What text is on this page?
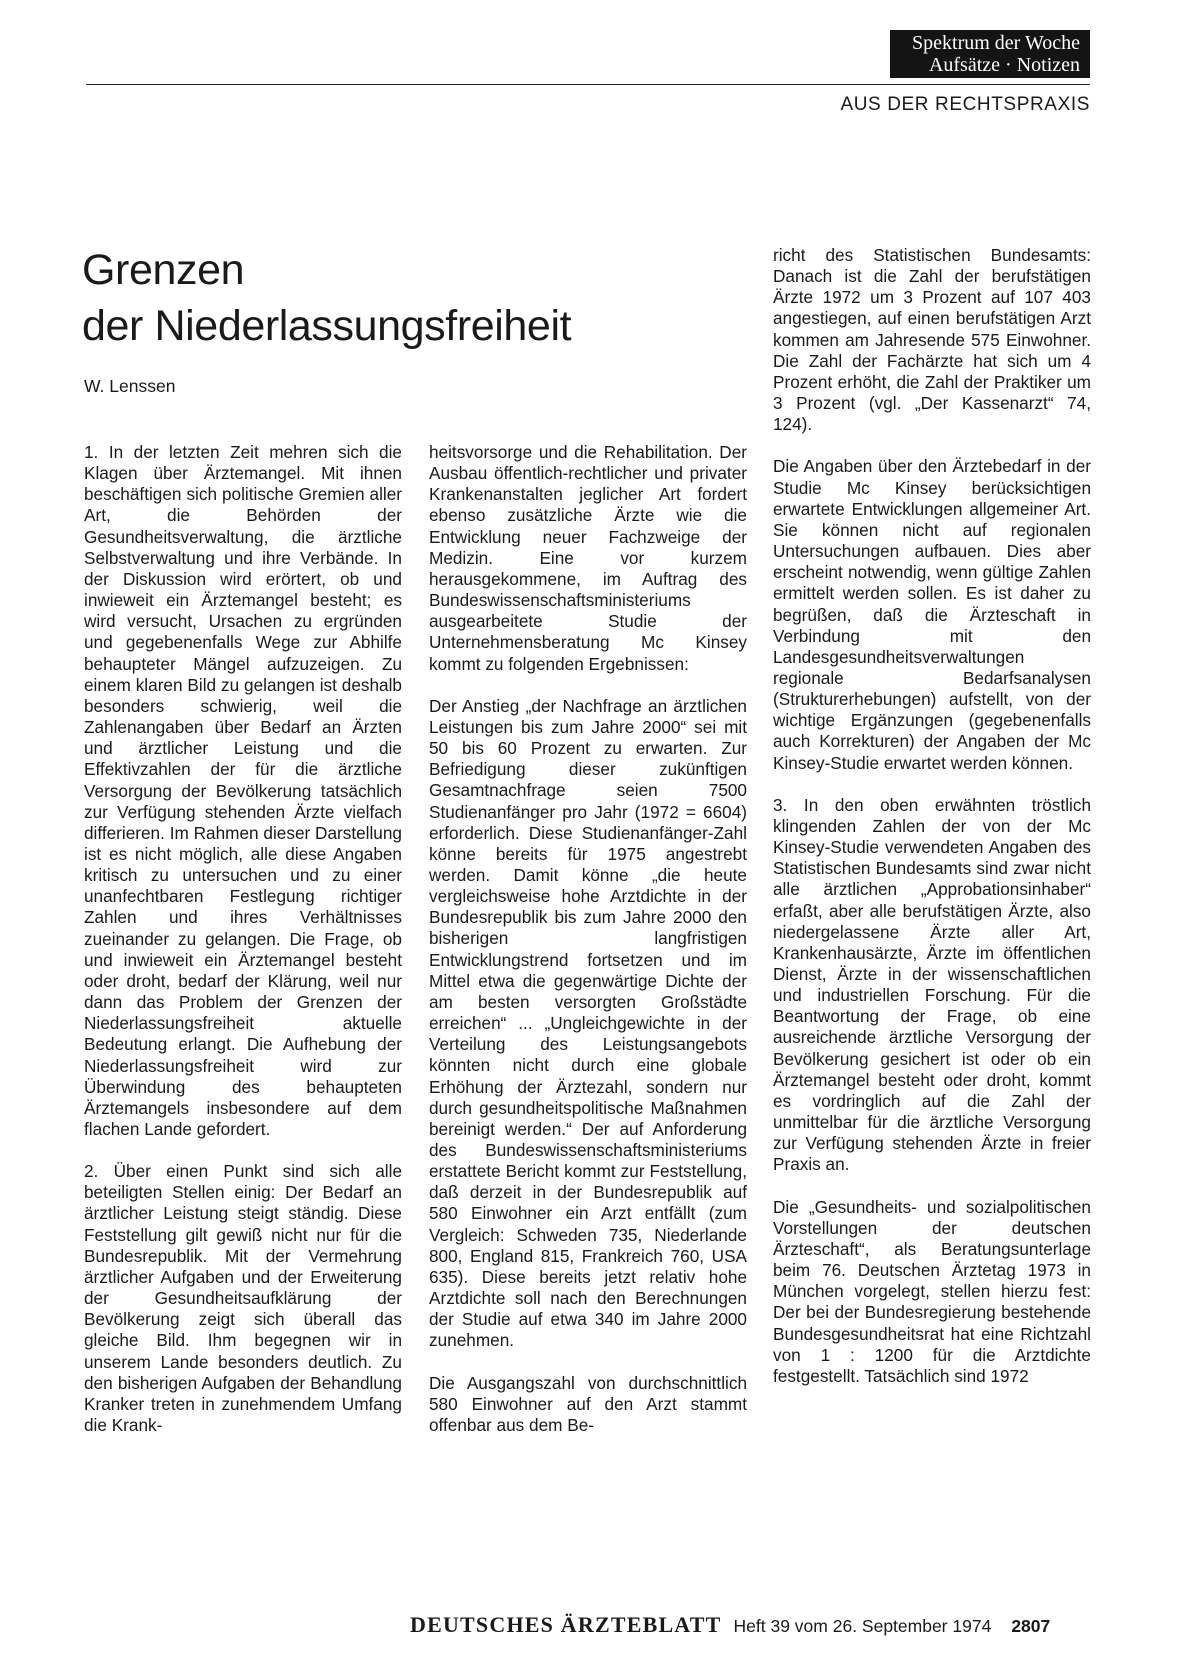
Spektrum der Woche
Aufsätze · Notizen
AUS DER RECHTSPRAXIS
Grenzen
der Niederlassungsfreiheit
W. Lenssen

1. In der letzten Zeit mehren sich die Klagen über Ärztemangel. Mit ihnen beschäftigen sich politische Gremien aller Art, die Behörden der Gesundheitsverwaltung, die ärztliche Selbstverwaltung und ihre Verbände. In der Diskussion wird erörtert, ob und inwieweit ein Ärztemangel besteht; es wird versucht, Ursachen zu ergründen und gegebenenfalls Wege zur Abhilfe behaupteter Mängel aufzuzeigen. Zu einem klaren Bild zu gelangen ist deshalb besonders schwierig, weil die Zahlenangaben über Bedarf an Ärzten und ärztlicher Leistung und die Effektivzahlen der für die ärztliche Versorgung der Bevölkerung tatsächlich zur Verfügung stehenden Ärzte vielfach differieren. Im Rahmen dieser Darstellung ist es nicht möglich, alle diese Angaben kritisch zu untersuchen und zu einer unanfechtbaren Festlegung richtiger Zahlen und ihres Verhältnisses zueinander zu gelangen. Die Frage, ob und inwieweit ein Ärztemangel besteht oder droht, bedarf der Klärung, weil nur dann das Problem der Grenzen der Niederlassungsfreiheit aktuelle Bedeutung erlangt. Die Aufhebung der Niederlassungsfreiheit wird zur Überwindung des behaupteten Ärztemangels insbesondere auf dem flachen Lande gefordert.

2. Über einen Punkt sind sich alle beteiligten Stellen einig: Der Bedarf an ärztlicher Leistung steigt ständig. Diese Feststellung gilt gewiß nicht nur für die Bundesrepublik. Mit der Vermehrung ärztlicher Aufgaben und der Erweiterung der Gesundheitsaufklärung der Bevölkerung zeigt sich überall das gleiche Bild. Ihm begegnen wir in unserem Lande besonders deutlich. Zu den bisherigen Aufgaben der Behandlung Kranker treten in zunehmendem Umfang die Krank-

heitsvorsorge und die Rehabilitation. Der Ausbau öffentlich-rechtlicher und privater Krankenanstalten jeglicher Art fordert ebenso zusätzliche Ärzte wie die Entwicklung neuer Fachzweige der Medizin. Eine vor kurzem herausgekommene, im Auftrag des Bundeswissenschaftsministeriums ausgearbeitete Studie der Unternehmensberatung Mc Kinsey kommt zu folgenden Ergebnissen:

Der Anstieg „der Nachfrage an ärztlichen Leistungen bis zum Jahre 2000“ sei mit 50 bis 60 Prozent zu erwarten. Zur Befriedigung dieser zukünftigen Gesamtnachfrage seien 7500 Studienanfänger pro Jahr (1972 = 6604) erforderlich. Diese Studienanfänger-Zahl könne bereits für 1975 angestrebt werden. Damit könne „die heute vergleichsweise hohe Arztdichte in der Bundesrepublik bis zum Jahre 2000 den bisherigen langfristigen Entwicklungstrend fortsetzen und im Mittel etwa die gegenwärtige Dichte der am besten versorgten Großstädte erreichen“ ... „Ungleichgewichte in der Verteilung des Leistungsangebots könnten nicht durch eine globale Erhöhung der Ärztezahl, sondern nur durch gesundheitspolitische Maßnahmen bereinigt werden.“ Der auf Anforderung des Bundeswissenschaftsministeriums erstattete Bericht kommt zur Feststellung, daß derzeit in der Bundesrepublik auf 580 Einwohner ein Arzt entfällt (zum Vergleich: Schweden 735, Niederlande 800, England 815, Frankreich 760, USA 635). Diese bereits jetzt relativ hohe Arztdichte soll nach den Berechnungen der Studie auf etwa 340 im Jahre 2000 zunehmen.

Die Ausgangszahl von durchschnittlich 580 Einwohner auf den Arzt stammt offenbar aus dem Be-

richt des Statistischen Bundesamts: Danach ist die Zahl der berufstätigen Ärzte 1972 um 3 Prozent auf 107 403 angestiegen, auf einen berufstätigen Arzt kommen am Jahresende 575 Einwohner. Die Zahl der Fachärzte hat sich um 4 Prozent erhöht, die Zahl der Praktiker um 3 Prozent (vgl. „Der Kassenarzt“ 74, 124).

Die Angaben über den Ärztebedarf in der Studie Mc Kinsey berücksichtigen erwartete Entwicklungen allgemeiner Art. Sie können nicht auf regionalen Untersuchungen aufbauen. Dies aber erscheint notwendig, wenn gültige Zahlen ermittelt werden sollen. Es ist daher zu begrüßen, daß die Ärzteschaft in Verbindung mit den Landesgesundheitsverwaltungen regionale Bedarfsanalysen (Strukturerhebungen) aufstellt, von der wichtige Ergänzungen (gegebenenfalls auch Korrekturen) der Angaben der Mc Kinsey-Studie erwartet werden können.

3. In den oben erwähnten tröstlich klingenden Zahlen der von der Mc Kinsey-Studie verwendeten Angaben des Statistischen Bundesamts sind zwar nicht alle ärztlichen „Approbationsinhaber“ erfaßt, aber alle berufstätigen Ärzte, also niedergelassene Ärzte aller Art, Krankenhausärzte, Ärzte im öffentlichen Dienst, Ärzte in der wissenschaftlichen und industriellen Forschung. Für die Beantwortung der Frage, ob eine ausreichende ärztliche Versorgung der Bevölkerung gesichert ist oder ob ein Ärztemangel besteht oder droht, kommt es vordringlich auf die Zahl der unmittelbar für die ärztliche Versorgung zur Verfügung stehenden Ärzte in freier Praxis an.

Die „Gesundheits- und sozialpolitischen Vorstellungen der deutschen Ärzteschaft“, als Beratungsunterlage beim 76. Deutschen Ärztetag 1973 in München vorgelegt, stellen hierzu fest: Der bei der Bundesregierung bestehende Bundesgesundheitsrat hat eine Richtzahl von 1 : 1200 für die Arztdichte festgestellt. Tatsächlich sind 1972

DEUTSCHES ÄRZTEBLATT Heft 39 vom 26. September 1974 2807
